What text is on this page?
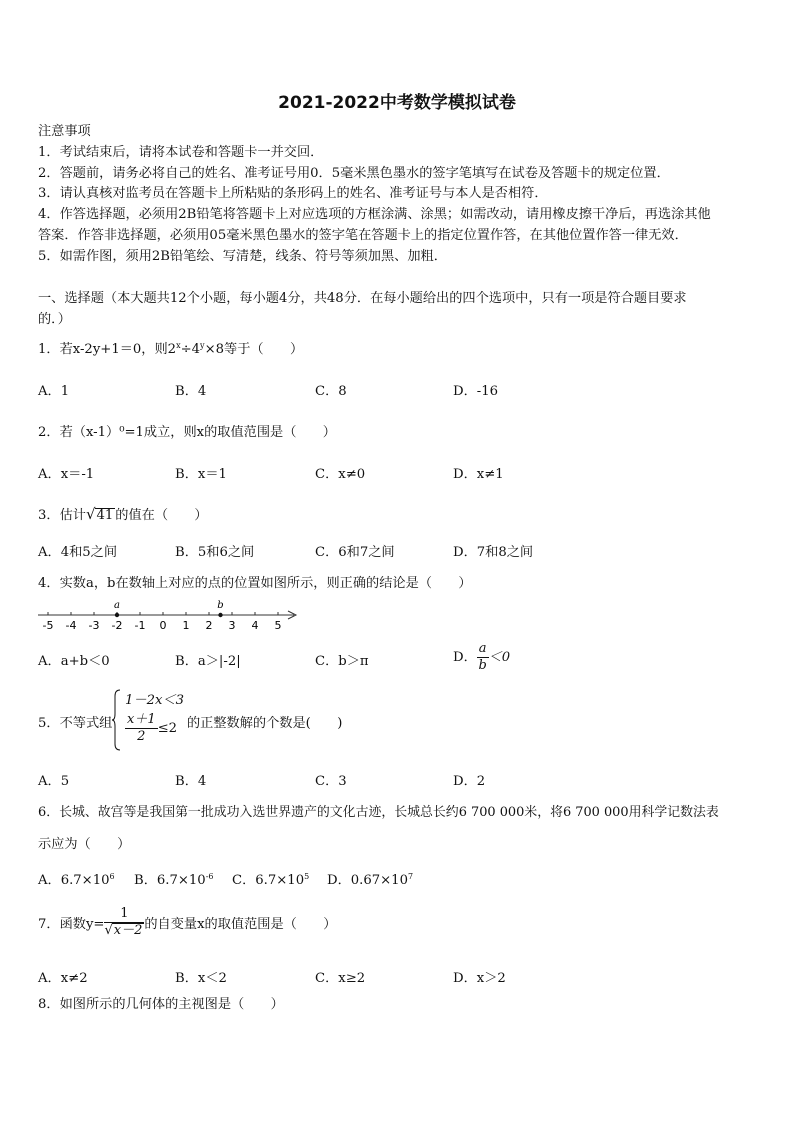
2021-2022中考数学模拟试卷
注意事项
1．考试结束后，请将本试卷和答题卡一并交回．
2．答题前，请务必将自己的姓名、准考证号用0．5毫米黑色墨水的签字笔填写在试卷及答题卡的规定位置．
3．请认真核对监考员在答题卡上所粘贴的条形码上的姓名、准考证号与本人是否相符．
4．作答选择题，必须用2B铅笔将答题卡上对应选项的方框涂满、涂黑；如需改动，请用橡皮擦干净后，再选涂其他
答案．作答非选择题，必须用05毫米黑色墨水的签字笔在答题卡上的指定位置作答，在其他位置作答一律无效．
5．如需作图，须用2B铅笔绘、写清楚，线条、符号等须加黑、加粗．
一、选择题（本大题共12个小题，每小题4分，共48分．在每小题给出的四个选项中，只有一项是符合题目要求
的．）
1．若x-2y+1＝0，则$2^x\div 4^y\times 8$等于（　　）
A．1	B．4	C．8	D．-16
2．若（x-1）⁰=1成立，则x的取值范围是（　　）
A．x＝-1	B．x＝1	C．x≠0	D．x≠1
3．估计√41 的值在（　　）
A．4和5之间	B．5和6之间	C．6和7之间	D．7和8之间
4．实数a，b在数轴上对应的点的位置如图所示，则正确的结论是（　　）
-5 -4 -3 -2 -1 0 1 2 3 4 5
a	b
A．a+b＜0	B．a＞|-2|	C．b＞π	D． $\frac{a}{b} <0$
5．不等式组
1－2x＜3
$\frac{x+1}{2} \le 2$ 的正整数解的个数是(　　)
A．5	B．4	C．3	D．2
6．长城、故宫等是我国第一批成功入选世界遗产的文化古迹，长城总长约6 700 000米，将6 700 000用科学记数法表
示应为（　　）
A．$6.7\times 10^6$ B．$6.7\times 10^{-6}$ C．$6.7\times 10^5$ D．$0.67\times 10^7$
7．函数$y= \frac{1}{√x-2}$ 的自变量x的取值范围是（　　）
A．x≠2	B．x＜2	C．x≥2	D．x＞2
8．如图所示的几何体的主视图是（　　）
